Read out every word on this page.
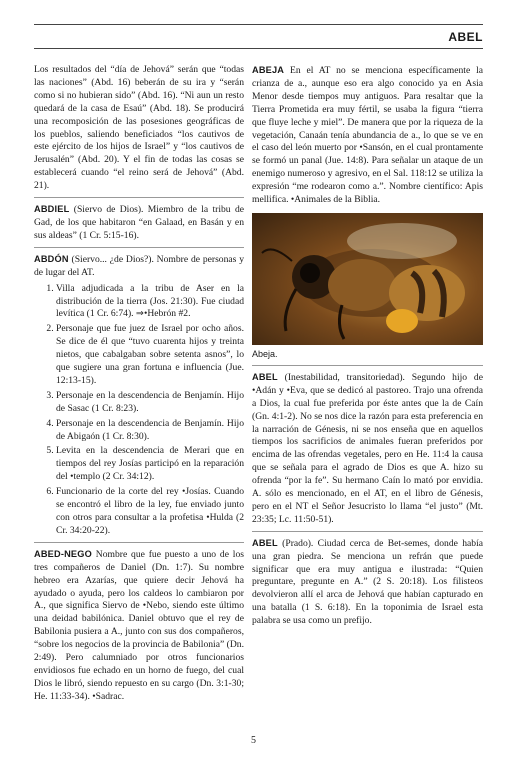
ABEL

Los resultados del “día de Jehová” serán que “todas las naciones” (Abd. 16) beberán de su ira y “serán como si no hubieran sido” (Abd. 16). “Ni aun un resto quedará de la casa de Esaú” (Abd. 18). Se producirá una recomposición de las posesiones geográficas de los pueblos, saliendo beneficiados “los cautivos de este ejército de los hijos de Israel” y “los cautivos de Jerusalén” (Abd. 20). Y el fin de todas las cosas se establecerá cuando “el reino será de Jehová” (Abd. 21).

ABDIEL (Siervo de Dios). Miembro de la tribu de Gad, de los que habitaron “en Galaad, en Basán y en sus aldeas” (1 Cr. 5:15-16).

ABDÓN (Siervo... ¿de Dios?). Nombre de personas y de lugar del AT.
1. Villa adjudicada a la tribu de Aser en la distribución de la tierra (Jos. 21:30). Fue ciudad levítica (1 Cr. 6:74). ⇒•Hebrón #2.
2. Personaje que fue juez de Israel por ocho años. Se dice de él que “tuvo cuarenta hijos y treinta nietos, que cabalgaban sobre setenta asnos”, lo que sugiere una gran fortuna e influencia (Jue. 12:13-15).
3. Personaje en la descendencia de Benjamín. Hijo de Sasac (1 Cr. 8:23).
4. Personaje en la descendencia de Benjamín. Hijo de Abigaón (1 Cr. 8:30).
5. Levita en la descendencia de Merari que en tiempos del rey Josías participó en la reparación del •templo (2 Cr. 34:12).
6. Funcionario de la corte del rey •Josías. Cuando se encontró el libro de la ley, fue enviado junto con otros para consultar a la profetisa •Hulda (2 Cr. 34:20-22).

ABED-NEGO Nombre que fue puesto a uno de los tres compañeros de Daniel (Dn. 1:7). Su nombre hebreo era Azarías, que quiere decir Jehová ha ayudado o ayuda, pero los caldeos lo cambiaron por A., que significa Siervo de •Nebo, siendo este último una deidad babilónica. Daniel obtuvo que el rey de Babilonia pusiera a A., junto con sus dos compañeros, “sobre los negocios de la provincia de Babilonia” (Dn. 2:49). Pero calumniado por otros funcionarios envidiosos fue echado en un horno de fuego, del cual Dios le libró, siendo repuesto en su cargo (Dn. 3:1-30; He. 11:33-34). •Sadrac.

ABEJA En el AT no se menciona específicamente la crianza de a., aunque eso era algo conocido ya en Asia Menor desde tiempos muy antiguos. Para resaltar que la Tierra Prometida era muy fértil, se usaba la figura “tierra que fluye leche y miel”. De manera que por la riqueza de la vegetación, Canaán tenía abundancia de a., lo que se ve en el caso del león muerto por •Sansón, en el cual prontamente se formó un panal (Jue. 14:8). Para señalar un ataque de un enemigo numeroso y agresivo, en el Sal. 118:12 se utiliza la expresión “me rodearon como a.”. Nombre científico: Apis mellifica. •Animales de la Biblia.

Abeja.

ABEL (Inestabilidad, transitoriedad). Segundo hijo de •Adán y •Eva, que se dedicó al pastoreo. Trajo una ofrenda a Dios, la cual fue preferida por éste antes que la de Caín (Gn. 4:1-2). No se nos dice la razón para esta preferencia en la narración de Génesis, ni se nos enseña que en aquellos tiempos los sacrificios de animales fueran preferidos por encima de las ofrendas vegetales, pero en He. 11:4 la causa que se señala para el agrado de Dios es que A. hizo su ofrenda “por la fe”. Su hermano Caín lo mató por envidia. A. sólo es mencionado, en el AT, en el libro de Génesis, pero en el NT el Señor Jesucristo lo llama “el justo” (Mt. 23:35; Lc. 11:50-51).

ABEL (Prado). Ciudad cerca de Bet-semes, donde había una gran piedra. Se menciona un refrán que puede significar que era muy antigua e ilustrada: “Quien preguntare, pregunte en A.” (2 S. 20:18). Los filisteos devolvieron allí el arca de Jehová que habían capturado en una batalla (1 S. 6:18). En la toponimia de Israel esta palabra se usa como un prefijo.

5
